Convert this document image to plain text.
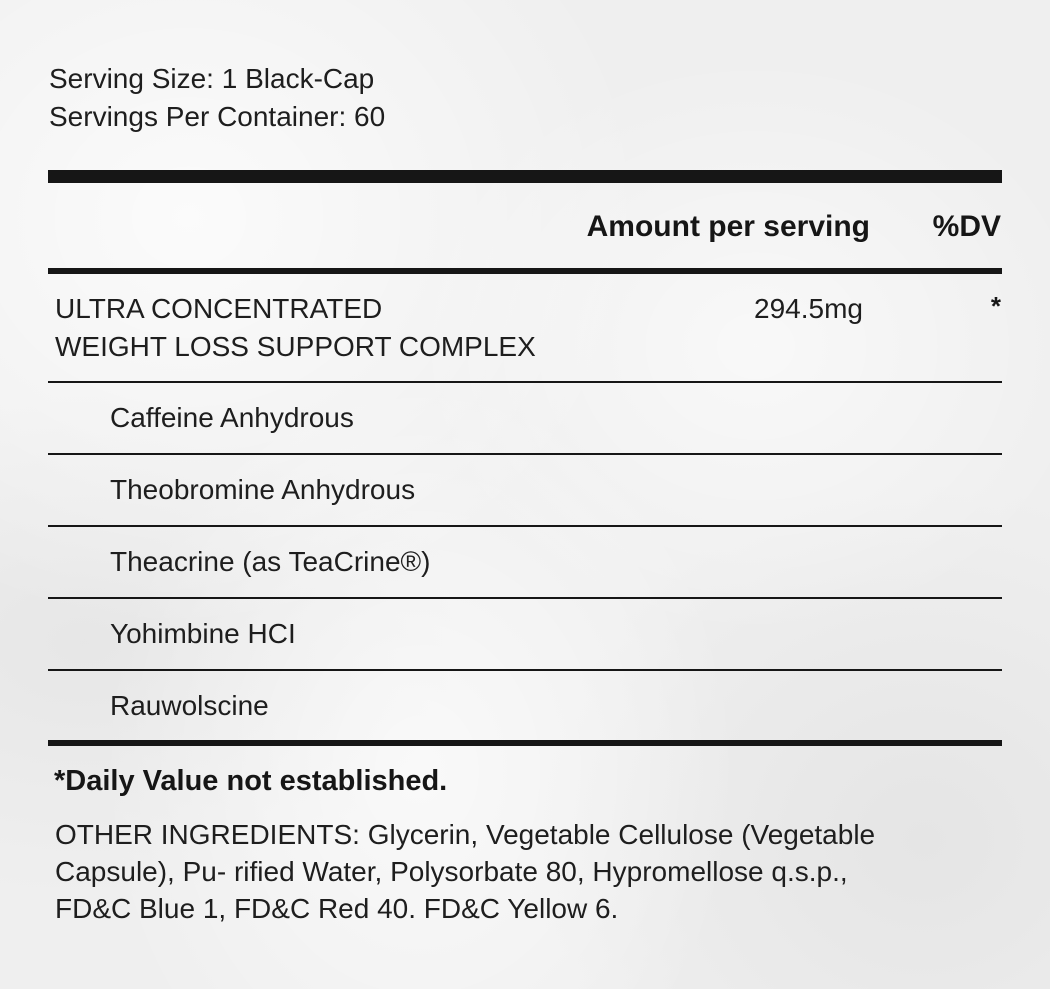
Serving Size: 1 Black-Cap
Servings Per Container: 60
Amount per serving %DV
ULTRA CONCENTRATED
WEIGHT LOSS SUPPORT COMPLEX
294.5mg	*
Caffeine Anhydrous
Theobromine Anhydrous
Theacrine (as TeaCrine®)
Yohimbine HCI
Rauwolscine
*Daily Value not established.
OTHER INGREDIENTS: Glycerin, Vegetable Cellulose (Vegetable
Capsule), Pu- rified Water, Polysorbate 80, Hypromellose q.s.p.,
FD&C Blue 1, FD&C Red 40. FD&C Yellow 6.
